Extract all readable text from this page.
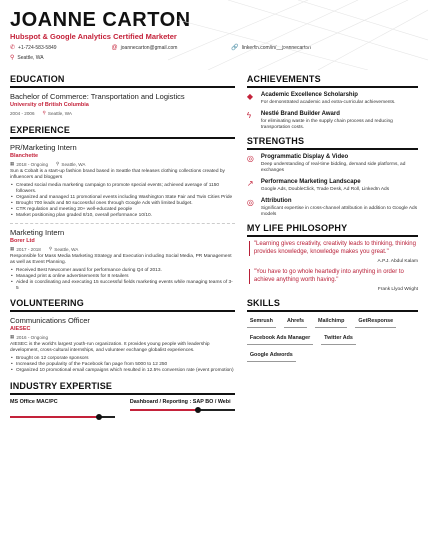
JOANNE CARTON
Hubspot & Google Analytics Certified Marketer
✆ +1-724-583-5849	@ joannecarton@gmail.com	🔗 linkedin.com/in/__joannecarton
⚲ Seattle, WA
EDUCATION
Bachelor of Commerce: Transportation and Logistics
University of British Columbia
2004 - 2006 ⚲ Seattle, WA
EXPERIENCE
PR/Marketing Intern
Blanchette
▦ 2018 - Ongoing ⚲ Seattle, WA
Sun & Cobalt is a start-up fashion brand based in Seattle that releases clothing collections created by influencers and bloggers
• Created social media marketing campaign to promote special events; achieved average of 1150 followers.
• Organized and managed 11 promotional events including Washington State Fair and Twin Cities Pride
• Brought 700 leads and 50 successful ones through Google Ads with limited budget.
• CTR regulation and meeting 20+ well-educated people
• Market positioning plan graded 8/10, overall performance 10/10.
Marketing Intern
Borer Ltd
▦ 2017 - 2018 ⚲ Seattle, WA
Responsible for Mass Media Marketing Strategy and Execution including Social Media, PR Management as well as Event Planning.
• Received Best Newcomer award for performance during Q4 of 2013.
• Managed print & online advertisements for 8 retailers
• Aided in coordinating and executing 15 successful fields marketing events while managing teams of 3-5
VOLUNTEERING
Communications Officer
AIESEC
▦ 2016 - Ongoing
AIESEC is the world's largest youth-run organization. It provides young people with leadership development, cross-cultural internships, and volunteer exchange globalist experiences.
• Brought on 12 corporate sponsors
• Increased the popularity of the Facebook fan page from 5000 to 12 250
• Organized 10 promotional email campaigns which resulted in 12.5% conversion rate (event promotion)
INDUSTRY EXPERTISE
MS Office MAC/PC	Dashboard / Reporting : SAP BO / Webi
ACHIEVEMENTS
◆	Academic Excellence Scholarship
For demonstrated academic and extra-curricular achievements.
ϟ	Nestlé Brand Builder Award
for eliminating waste in the supply chain process and reducing transportation costs.
STRENGTHS
◎	Programmatic Display & Video
Deep understanding of real-time bidding, demand side platforms, ad exchanges
↗	Performance Marketing Landscape
Google Ads, DoubleClick, Trade Desk, Ad Roll, LinkedIn Ads
◎	Attribution
Significant expertise in cross-channel attribution in addition to Google Ads models
MY LIFE PHILOSOPHY
"Learning gives creativity, creativity leads to thinking, thinking provides knowledge, knowledge makes you great."
A.P.J. Abdul Kalam
"You have to go whole heartedly into anything in order to achieve anything worth having."
Frank Llyod Wright
SKILLS
Semrush	Ahrefs	Mailchimp	GetResponse
Facebook Ads Manager	Twitter Ads
Google Adwords
